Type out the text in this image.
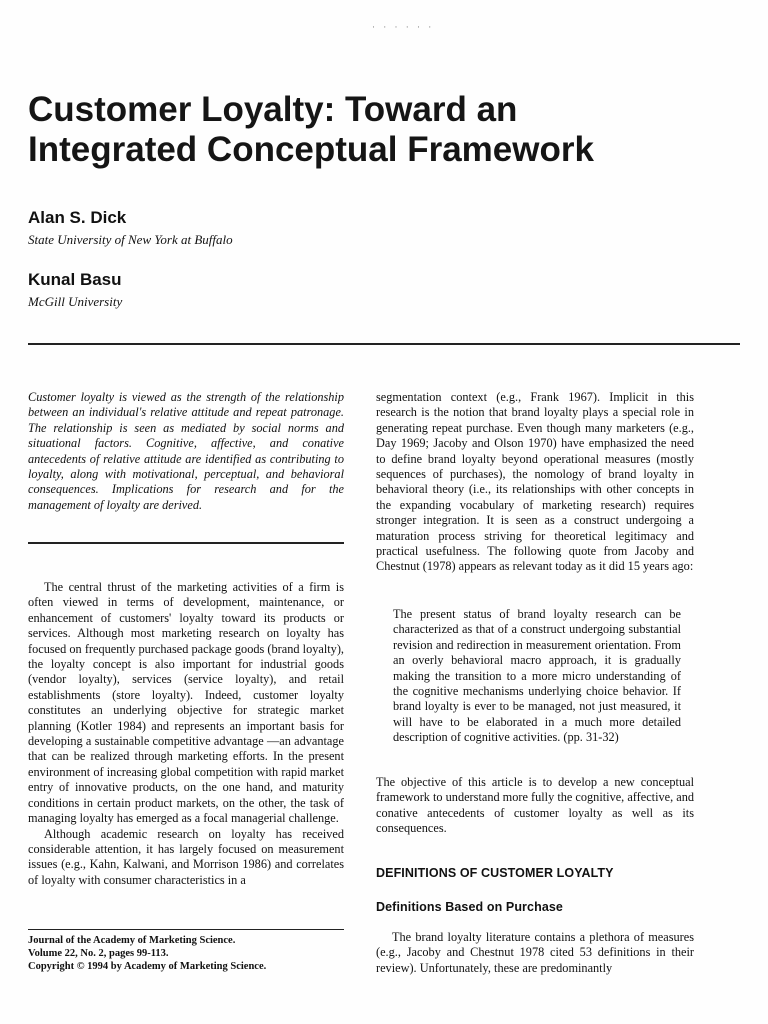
· · · · · ·
Customer Loyalty: Toward an
Integrated Conceptual Framework
Alan S. Dick
State University of New York at Buffalo
Kunal Basu
McGill University

Customer loyalty is viewed as the strength of the relationship between an individual's relative attitude and repeat patronage. The relationship is seen as mediated by social norms and situational factors. Cognitive, affective, and conative antecedents of relative attitude are identified as contributing to loyalty, along with motivational, perceptual, and behavioral consequences. Implications for research and for the management of loyalty are derived.

The central thrust of the marketing activities of a firm is often viewed in terms of development, maintenance, or enhancement of customers' loyalty toward its products or services. Although most marketing research on loyalty has focused on frequently purchased package goods (brand loyalty), the loyalty concept is also important for industrial goods (vendor loyalty), services (service loyalty), and retail establishments (store loyalty). Indeed, customer loyalty constitutes an underlying objective for strategic market planning (Kotler 1984) and represents an important basis for developing a sustainable competitive advantage —an advantage that can be realized through marketing efforts. In the present environment of increasing global competition with rapid market entry of innovative products, on the one hand, and maturity conditions in certain product markets, on the other, the task of managing loyalty has emerged as a focal managerial challenge.

Although academic research on loyalty has received considerable attention, it has largely focused on measurement issues (e.g., Kahn, Kalwani, and Morrison 1986) and correlates of loyalty with consumer characteristics in a

Journal of the Academy of Marketing Science.
Volume 22, No. 2, pages 99-113.
Copyright © 1994 by Academy of Marketing Science.

segmentation context (e.g., Frank 1967). Implicit in this research is the notion that brand loyalty plays a special role in generating repeat purchase. Even though many marketers (e.g., Day 1969; Jacoby and Olson 1970) have emphasized the need to define brand loyalty beyond operational measures (mostly sequences of purchases), the nomology of brand loyalty in behavioral theory (i.e., its relationships with other concepts in the expanding vocabulary of marketing research) requires stronger integration. It is seen as a construct undergoing a maturation process striving for theoretical legitimacy and practical usefulness. The following quote from Jacoby and Chestnut (1978) appears as relevant today as it did 15 years ago:

The present status of brand loyalty research can be characterized as that of a construct undergoing substantial revision and redirection in measurement orientation. From an overly behavioral macro approach, it is gradually making the transition to a more micro understanding of the cognitive mechanisms underlying choice behavior. If brand loyalty is ever to be managed, not just measured, it will have to be elaborated in a much more detailed description of cognitive activities. (pp. 31-32)

The objective of this article is to develop a new conceptual framework to understand more fully the cognitive, affective, and conative antecedents of customer loyalty as well as its consequences.

DEFINITIONS OF CUSTOMER LOYALTY
Definitions Based on Purchase

The brand loyalty literature contains a plethora of measures (e.g., Jacoby and Chestnut 1978 cited 53 definitions in their review). Unfortunately, these are predominantly
